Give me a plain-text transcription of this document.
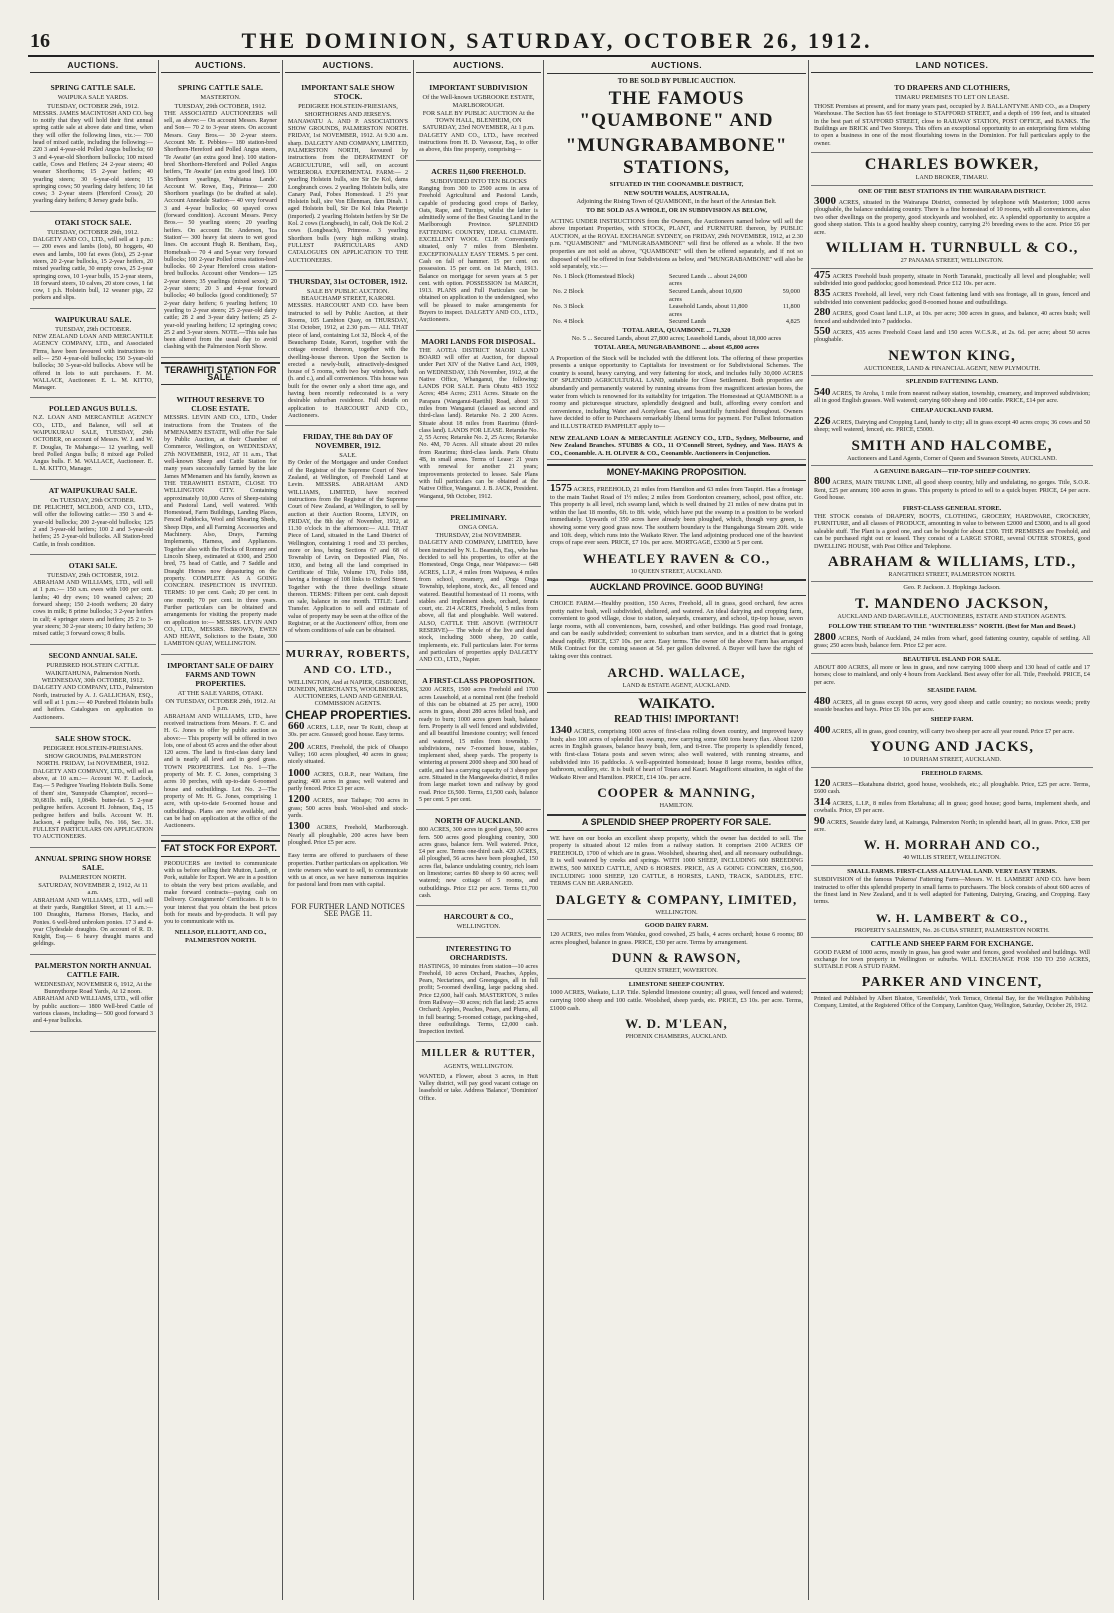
16	THE DOMINION, SATURDAY, OCTOBER 26, 1912.
AUCTIONS.
SPRING CATTLE SALE.
WAIPUKA SALE YARDS.
TUESDAY, OCTOBER 29th, 1912.
MESSRS. JAMES MACINTOSH AND CO. beg to notify that they will hold their first annual spring cattle sale at above date and time, when they will offer the following lines, viz.:— 700 head of mixed cattle, including the following:— 220 3 and 4-year-old Polled Angus bullocks; 60 3 and 4-year-old Shorthorn bullocks; 100 mixed cattle, Cows and Heifers; 24 2-year steers; 40 weaner Shorthorns; 15 2-year heifers; 40 yearling steers; 30 6-year-old steers; 15 springing cows; 50 yearling dairy heifers; 10 fat cows; 3 2-year steers (Hereford Cross); 20 yearling dairy heifers; 8 Jersey grade bulls.
OTAKI STOCK SALE.
TUESDAY, OCTOBER 29th, 1912.
DALGETY AND CO., LTD., will sell at 1 p.m.:— 200 ewes and lambs (lots), 80 hoggets, 40 ewes and lambs, 100 fat ewes (lots), 25 2-year steers, 20 2-year bullocks, 15 2-year heifers, 20 mixed yearling cattle, 30 empty cows, 25 2-year springing cows, 10 1-year bulls, 15 2-year steers, 18 forward steers, 10 calves, 20 store cows, 1 fat cow, 1 p.h. Holstein bull, 12 weaner pigs, 22 porkers and slips.
WAIPUKURAU SALE.
TUESDAY, 29th OCTOBER.
NEW ZEALAND LOAN AND MERCANTILE AGENCY COMPANY, LTD., and Associated Firms, have been favoured with instructions to sell:— 250 4-year-old bullocks; 150 3-year-old bullocks; 30 3-year-old bullocks. Above will be offered in lots to suit purchasers. F. M. WALLACE, Auctioneer. E. L. M. KITTO, Manager.
POLLED ANGUS BULLS.
N.Z. LOAN AND MERCANTILE AGENCY CO., LTD., and Balance, will sell at WAIPUKURAU SALE, TUESDAY, 29th OCTOBER, on account of Messrs. W. J. and W. F. Douglas, Te Mahanga:— 12 yearling, well bred Polled Angus bulls; 8 mixed age Polled Angus bulls. F. M. WALLACE, Auctioneer. E. L. M. KITTO, Manager.
AT WAIPUKURAU SALE.
On TUESDAY, 29th OCTOBER.
DE PELICHET, MCLEOD, AND CO., LTD., will offer the following cattle:— 350 3 and 4-year-old bullocks; 200 2-year-old bullocks; 125 2 and 3-year-old heifers; 100 2 and 3-year-old heifers; 25 2-year-old bullocks. All Station-bred Cattle, in fresh condition.
OTAKI SALE.
TUESDAY, 29th OCTOBER, 1912.
ABRAHAM AND WILLIAMS, LTD., will sell at 1 p.m.:— 150 s.m. ewes with 100 per cent. lambs; 40 dry ewes; 10 weaned calves; 20 forward sheep; 150 2-tooth wethers; 20 dairy cows in milk; 8 prime bullocks; 3 2-year heifers in calf; 4 springer steers and heifers; 25 2 to 3-year steers; 30 2-year steers; 10 dairy heifers; 30 mixed cattle; 3 forward cows; 8 bulls.
SECOND ANNUAL SALE.
PUREBRED HOLSTEIN CATTLE.
WAIKITAHUNA, Palmerston North. WEDNESDAY, 30th OCTOBER, 1912.
DALGETY AND COMPANY, LTD., Palmerston North, instructed by A. J. GALLICHAN, ESQ., will sell at 1 p.m.:— 40 Purebred Holstein bulls and heifers. Catalogues on application to Auctioneers.
SALE SHOW STOCK.
PEDIGREE HOLSTEIN-FRIESIANS.
SHOW GROUNDS, PALMERSTON NORTH. FRIDAY, 1st NOVEMBER, 1912.
DALGETY AND COMPANY, LTD., will sell as above, at 10 a.m.:— Account W. F. Lazlock, Esq.— 5 Pedigree Yearling Holstein Bulls. Some of them' sire, 'Sunnyside Champion', record—30,681lb. milk, 1,084lb. butter-fat. 5 2-year pedigree heifers. Account H. Johnson, Esq., 15 pedigree heifers and bulls. Account W. H. Jackson, 4 pedigree bulls, No. 166, Sec. 31. FULLEST PARTICULARS ON APPLICATION TO AUCTIONEERS.
ANNUAL SPRING SHOW HORSE SALE.
PALMERSTON NORTH.
SATURDAY, NOVEMBER 2, 1912, At 11 a.m.
ABRAHAM AND WILLIAMS, LTD., will sell at their yards, Rangitikei Street, at 11 a.m.:— 100 Draughts, Harness Horses, Hacks, and Ponies. 6 well-bred unbroken ponies. 17 3 and 4-year Clydesdale draughts. On account of R. D. Knight, Esq.— 6 heavy draught mares and geldings.
PALMERSTON NORTH ANNUAL CATTLE FAIR.
WEDNESDAY, NOVEMBER 6, 1912, At the Bunnythorpe Road Yards, At 12 noon.
ABRAHAM AND WILLIAMS, LTD., will offer by public auction:— 1800 Well-bred Cattle of various classes, including— 500 good forward 3 and 4-year bullocks.
AUCTIONS.
SPRING CATTLE SALE.
MASTERTON.
TUESDAY, 29th OCTOBER, 1912.
THE ASSOCIATED AUCTIONEERS will sell, as above:— On account Messrs. Rayner and Son— 70 2 to 3-year steers. On account Messrs. Gray Bros.— 30 2-year steers. Account Mr. E. Pebbies— 180 station-bred Shorthorn-Hereford and Polled Angus steers, 'Te Awaite' (an extra good line). 100 station-bred Shorthorn-Hereford and Polled Angus heifers, 'Te Awaite' (an extra good line). 100 Shorthorn yearlings, 'Pahiatua Lands'. Account W. Rowe, Esq., Pirinoa— 200 Shorthorn yearlings (to be drafted at sale). Account Annedale Station— 40 very forward 3 and 4-year bullocks; 60 spayed cows (forward condition). Account Messrs. Percy Bros.— 50 yearling steers; 20 yearling heifers. On account Dr. Anderson, 'Ica Station'— 300 heavy fat steers to wet good lines. On account Hugh R. Bentham, Esq., Homebush— 70 4 and 5-year very forward bullocks; 100 2-year Polled cross station-bred bullocks. 60 2-year Hereford cross station-bred bullocks. Account other Vendors— 125 2-year steers; 35 yearlings (mixed sexes); 20 2-year steers; 20 3 and 4-year forward bullocks; 40 bullocks (good conditioned); 57 2-year dairy heifers; 6 yearling heifers; 10 yearling to 2-year steers; 25 2-year-old dairy cattle; 28 2 and 3-year dairy heifers; 25 2-year-old yearling heifers; 12 springing cows; 25 2 and 3-year steers. NOTE.—This sale has been altered from the usual day to avoid clashing with the Palmerston North Show.
TERAWHITI STATION FOR SALE.
WITHOUT RESERVE TO CLOSE ESTATE.
MESSRS. LEVIN AND CO., LTD., Under instructions from the Trustees of the M'MENAMEN ESTATE, Will offer For Sale by Public Auction, at their Chamber of Commerce, Wellington, on WEDNESDAY, 27th NOVEMBER, 1912, AT 11 a.m., That well-known Sheep and Cattle Station for many years successfully farmed by the late James M'Menamen and his family, known as THE TERAWHITI ESTATE, CLOSE TO WELLINGTON CITY. Containing approximately 10,000 Acres of Sheep-raising and Pastoral Land, well watered. With Homestead, Farm Buildings, Landing Places, Fenced Paddocks, Wool and Shearing Sheds, Sheep Dips, and all Farming Accessories and Machinery. Also, Drays, Farming Implements, Harness, and Appliances. Together also with the Flocks of Romney and Lincoln Sheep, estimated at 6300, and 2500 bred, 75 head of Cattle, and 7 Saddle and Draught Horses now depasturing on the property. COMPLETE AS A GOING CONCERN. INSPECTION IS INVITED. TERMS: 10 per cent. Cash; 20 per cent. in one month; 70 per cent. in three years. Further particulars can be obtained and arrangements for visiting the property made on application to:— MESSRS. LEVIN AND CO., LTD., MESSRS. BROWN, EWEN AND HEAVE, Solicitors to the Estate, 300 LAMBTON QUAY, WELLINGTON.
IMPORTANT SALE OF DAIRY FARMS AND TOWN PROPERTIES.
AT THE SALE YARDS, OTAKI.
ON TUESDAY, OCTOBER 29th, 1912. At 1 p.m.
ABRAHAM AND WILLIAMS, LTD., have received instructions from Messrs. F. C. and H. G. Jones to offer by public auction as above:— This property will be offered in two lots, one of about 65 acres and the other about 120 acres. The land is first-class dairy land and is nearly all level and in good grass. TOWN PROPERTIES. Lot No. 1—The property of Mr. F. C. Jones, comprising 3 acres 10 perches, with up-to-date 6-roomed house and outbuildings. Lot No. 2—The property of Mr. H. G. Jones, comprising 1 acre, with up-to-date 6-roomed house and outbuildings. Plans are now available, and can be had on application at the office of the Auctioneers.
FAT STOCK FOR EXPORT.
PRODUCERS are invited to communicate with us before selling their Mutton, Lamb, or Pork, suitable for Export. We are in a position to obtain the very best prices available, and make forward contracts—paying cash on Delivery. Consignments' Certificates. It is to your interest that you obtain the best prices both for meats and by-products. It will pay you to communicate with us.
NELLSOP, ELLIOTT, AND CO., PALMERSTON NORTH.
AUCTIONS.
IMPORTANT SALE SHOW STOCK.
PEDIGREE HOLSTEIN-FRIESIANS, SHORTHORNS AND JERSEYS.
MANAWATU A. AND P. ASSOCIATION'S SHOW GROUNDS, PALMERSTON NORTH. FRIDAY, 1st NOVEMBER, 1912. At 9.30 a.m. sharp. DALGETY AND COMPANY, LIMITED, PALMERSTON NORTH, favoured by instructions from the DEPARTMENT OF AGRICULTURE, will sell, on account WERERORA EXPERIMENTAL FARM:— 2 yearling Holstein bulls, sire Sir De Kol, dams Longbranch cows. 2 yearling Holstein bulls, sire Canary Paul, Fobes Homestead. 1 2½ year Holstein bull, sire Von Ellenman, dam Dinah. 1 aged Holstein bull, Sir De Kol Inka Pietertje (imported). 2 yearling Holstein heifers by Sir De Kol. 2 cows (Longbeach), in calf, Ook De Kol. 2 cows (Longbeach), Primrose. 3 yearling Shorthorn bulls (very high milking strain). FULLEST PARTICULARS AND CATALOGUES ON APPLICATION TO THE AUCTIONEERS.
THURSDAY, 31st OCTOBER, 1912.
SALE BY PUBLIC AUCTION. BEAUCHAMP STREET, KARORI.
MESSRS. HARCOURT AND CO. have been instructed to sell by Public Auction, at their Rooms, 105 Lambton Quay, on THURSDAY, 31st October, 1912, at 2.30 p.m.— ALL THAT piece of land, containing Lot 32, Block 4, of the Beauchamp Estate, Karori, together with the cottage erected thereon, together with the dwelling-house thereon. Upon the Section is erected a newly-built, attractively-designed house of 5 rooms, with two bay windows, bath (h. and c.), and all conveniences. This house was built for the owner only a short time ago, and having been recently redecorated is a very desirable suburban residence. Full details on application to HARCOURT AND CO., Auctioneers.
FRIDAY, THE 8th DAY OF NOVEMBER, 1912.
SALE.
By Order of the Mortgagee and under Conduct of the Registrar of the Supreme Court of New Zealand, at Wellington, of Freehold Land at Levin. MESSRS. ABRAHAM AND WILLIAMS, LIMITED, have received instructions from the Registrar of the Supreme Court of New Zealand, at Wellington, to sell by auction at their Auction Rooms, LEVIN, on FRIDAY, the 8th day of November, 1912, at 11.30 o'clock in the afternoon:— ALL THAT Piece of Land, situated in the Land District of Wellington, containing 1 rood and 33 perches, more or less, being Sections 67 and 68 of Township of Levin, on Deposited Plan, No. 1830, and being all the land comprised in Certificate of Title, Volume 170, Folio 188, having a frontage of 108 links to Oxford Street. Together with the three dwellings situate thereon. TERMS: Fifteen per cent. cash deposit on sale, balance in one month. TITLE: Land Transfer. Application to sell and estimate of value of property may be seen at the office of the Registrar, or at the Auctioneers' office, from one of whom conditions of sale can be obtained.
MURRAY, ROBERTS, AND CO. LTD.,
WELLINGTON, And at NAPIER, GISBORNE, DUNEDIN, MERCHANTS, WOOLBROKERS, AUCTIONEERS, LAND AND GENERAL COMMISSION AGENTS.
CHEAP PROPERTIES.
660 ACRES, L.I.P., near Te Kuiti, cheap at 30s. per acre. Grassed; good house. Easy terms.
200 ACRES, Freehold, the pick of Ohaupo Valley; 160 acres ploughed, 40 acres in grass; nicely situated.
1000 ACRES, O.R.P., near Waitara, fine grazing; 400 acres in grass; well watered and partly fenced. Price £3 per acre.
1200 ACRES, near Taihape; 700 acres in grass; 500 acres bush. Wool-shed and stock-yards.
1300 ACRES, Freehold, Marlborough. Nearly all ploughable, 200 acres have been ploughed. Price £5 per acre.
Easy terms are offered to purchasers of these properties. Further particulars on application. We invite owners who want to sell, to communicate with us at once, as we have numerous inquiries for pastoral land from men with capital.
FOR FURTHER LAND NOTICES SEE PAGE 11.
AUCTIONS.
IMPORTANT SUBDIVISION
Of the Well-known UGBROOKE ESTATE, MARLBOROUGH.
FOR SALE BY PUBLIC AUCTION At the TOWN HALL, BLENHEIM, ON SATURDAY, 23rd NOVEMBER, At 1 p.m.
DALGETY AND CO., LTD., have received instructions from H. D. Vavasour, Esq., to offer as above, this fine property, comprising—
ACRES 11,600 FREEHOLD.
SUBDIVIDED INTO TEN BLOCKS
Ranging from 300 to 2500 acres in area of Freehold Agricultural and Pastoral Lands, capable of producing good crops of Barley, Oats, Rape, and Turnips, whilst the latter is admittedly some of the Best Grazing Land in the Marlborough Province. SPLENDID FATTENING COUNTRY, IDEAL CLIMATE. EXCELLENT WOOL CLIP. Conveniently situated, only 7 miles from Blenheim. EXCEPTIONALLY EASY TERMS. 5 per cent. Cash on fall of hammer. 15 per cent. on possession. 15 per cent. on 1st March, 1913. Balance on mortgage for seven years at 5 per cent. with option. POSSESSION 1st MARCH, 1913. PLANS and Full Particulars can be obtained on application to the undersigned, who will be pleased to make arrangements for Buyers to inspect. DALGETY AND CO., LTD., Auctioneers.
MAORI LANDS FOR DISPOSAL.
THE AOTEA DISTRICT MAORI LAND BOARD will offer at Auction, for disposal under Part XIV of the Native Land Act, 1909, on WEDNESDAY, 13th November, 1912, at the Native Office, Whanganui, the following: LANDS FOR SALE. Paris Ohutu 4B3 1932 Acres; 4B4 Acres; 2311 Acres. Situate on the Parapara (Wanganui-Raetihi) Road, about 33 miles from Wanganui (classed as second and third-class land). Retaruke No. 2 200 Acres. Situate about 18 miles from Raurimu (third-class land). LANDS FOR LEASE. Retaruke No. 2, 55 Acres; Retaruke No. 2, 25 Acres; Retaruke No. 4M, 70 Acres. All situate about 20 miles from Raurimu; third-class lands. Paris Ohutu 4B, in small areas. Terms of Lease: 21 years with renewal for another 21 years; improvements protected to lessee. Sale Plans with full particulars can be obtained at the Native Office, Wanganui. J. B. JACK, President. Wanganui, 9th October, 1912.
PRELIMINARY.
ONGA ONGA.
THURSDAY, 21st NOVEMBER.
DALGETY AND COMPANY, LIMITED, have been instructed by N. L. Beamish, Esq., who has decided to sell his properties, to offer at the Homestead, Onga Onga, near Waipawa:— 648 ACRES, L.I.P., 4 miles from Waipawa, 4 miles from school, creamery, and Onga Onga Township, telephone, stock, &c., all fenced and watered. Beautiful homestead of 11 rooms, with stables and implement sheds, orchard, tennis court, etc. 214 ACRES, Freehold, 5 miles from above, all flat and ploughable. Well watered. ALSO, CATTLE THE ABOVE (WITHOUT RESERVE)— The whole of the live and dead stock, including 3000 sheep, 20 cattle, implements, etc. Full particulars later. For terms and particulars of properties apply DALGETY AND CO., LTD., Napier.
A FIRST-CLASS PROPOSITION.
3200 ACRES, 1500 acres Freehold and 1700 acres Leasehold, at a nominal rent (the freehold of this can be obtained at 25 per acre), 1900 acres in grass, about 280 acres felled bush, and ready to burn; 1000 acres green bush, balance fern. Property is all well fenced and subdivided, and all beautiful limestone country; well fenced and watered, 15 miles from township. 7 subdivisions, new 7-roomed house, stables, implement shed, sheep yards. The property is wintering at present 2000 sheep and 300 head of cattle, and has a carrying capacity of 3 sheep per acre. Situated in the Mangaweka district, 8 miles from large market town and railway by good road. Price £6,500. Terms, £1,500 cash, balance 5 per cent. 5 per cent.
NORTH OF AUCKLAND.
800 ACRES, 300 acres in good grass, 500 acres fern. 500 acres good ploughing country, 300 acres grass, balance fern. Well watered. Price, £4 per acre. Terms one-third cash. 420 ACRES, all ploughed, 56 acres have been ploughed, 150 acres flat, balance undulating country, rich loam on limestone; carries 80 sheep to 60 acres; well watered; new cottage of 5 rooms, and outbuildings. Price £12 per acre. Terms £1,700 cash.
HARCOURT & CO.,
WELLINGTON.
INTERESTING TO ORCHARDISTS.
HASTINGS, 10 minutes from station—10 acres Freehold, 10 acres Orchard, Peaches, Apples, Pears, Nectarines, and Greengages, all in full profit; 5-roomed dwelling, large packing shed. Price £2,600, half cash. MASTERTON, 3 miles from Railway—30 acres; rich flat land; 25 acres Orchard; Apples, Peaches, Pears, and Plums, all in full bearing; 5-roomed cottage, packing-shed, three outbuildings. Terms, £2,000 cash. Inspection invited.
MILLER & RUTTER,
AGENTS, WELLINGTON.
WANTED, a Flower, about 3 acres, in Hutt Valley district, will pay good vacant cottage on leasehold or take. Address 'Balance', 'Dominion' Office.
AUCTIONS.
TO BE SOLD BY PUBLIC AUCTION.
THE FAMOUS "QUAMBONE" AND
"MUNGRABAMBONE" STATIONS,
SITUATED IN THE COONAMBLE DISTRICT,
NEW SOUTH WALES, AUSTRALIA,
Adjoining the Rising Town of QUAMBONE, in the heart of the Artesian Belt.
TO BE SOLD AS A WHOLE, OR IN SUBDIVISION AS BELOW,
ACTING UNDER INSTRUCTIONS from the Owners, the Auctioneers named below will sell the above important Properties, with STOCK, PLANT, and FURNITURE thereon, by PUBLIC AUCTION, at the ROYAL EXCHANGE SYDNEY, on FRIDAY, 29th NOVEMBER, 1912, at 2.30 p.m. "QUAMBONE" and "MUNGRABAMBONE" will first be offered as a whole. If the two properties are not sold as above, "QUAMBONE" will then be offered separately, and if not so disposed of will be offered in four Subdivisions as below, and "MUNGRABAMBONE" will also be sold separately, viz.:—
No. 1 Block (Homestead Block)	Secured Lands ... about 24,000 acres
No. 2 Block	Secured Lands, about 10,600 acres
59,000
No. 3 Block	Leasehold Lands, about 11,800 acres
11,800
No. 4 Block	Secured Lands	4,825
TOTAL AREA, QUAMBONE ... 71,320
No. 5 ... Secured Lands, about 27,800 acres; Leasehold Lands, about 18,000 acres
TOTAL AREA, MUNGRABAMBONE ... about 45,800 acres
A Proportion of the Stock will be included with the different lots. The offering of these properties presents a unique opportunity to Capitalists for investment or for Subdivisional Schemes. The country is sound, heavy carrying, and very fattening for stock, and includes fully 30,000 ACRES OF SPLENDID AGRICULTURAL LAND, suitable for Close Settlement. Both properties are abundantly and permanently watered by running streams from five magnificent artesian bores, the water from which is renowned for its suitability for irrigation. The Homestead at QUAMBONE is a roomy and picturesque structure, splendidly designed and built, affording every comfort and convenience, including Water and Acetylene Gas, and beautifully furnished throughout. Owners have decided to offer to Purchasers remarkably liberal terms for payment. For Fullest Information and ILLUSTRATED PAMPHLET apply to—
NEW ZEALAND LOAN & MERCANTILE AGENCY CO., LTD., Sydney, Melbourne, and New Zealand Branches. STUBBS & CO., 11 O'Connell Street, Sydney, and Yass. HAYS & CO., Coonamble. A. H. OLIVER & CO., Coonamble. Auctioneers in Conjunction.
MONEY-MAKING PROPOSITION.
1575 ACRES, FREEHOLD, 21 miles from Hamilton and 63 miles from Taupiri. Has a frontage to the main Tauhei Road of 1½ miles; 2 miles from Gordonton creamery, school, post office, etc. This property is all level, rich swamp land, which is well drained by 21 miles of new drains put in within the last 18 months, 6ft. to 8ft. wide, which have put the swamp in a position to be worked immediately. Upwards of 350 acres have already been ploughed, which, though very green, is showing some very good grass now. The southern boundary is the Hungahunga Stream 20ft. wide and 10ft. deep, which runs into the Waikato River. The land adjoining produced one of the heaviest crops of rape ever seen. PRICE, £7 10s. per acre. MORTGAGE, £3300 at 5 per cent.
WHEATLEY RAVEN & CO.,
10 QUEEN STREET, AUCKLAND.
AUCKLAND PROVINCE. GOOD BUYING!
CHOICE FARM.—Healthy position, 150 Acres, Freehold, all in grass, good orchard, few acres pretty native bush, well subdivided, sheltered, and watered. An ideal dairying and cropping farm, convenient to good village, close to station, saleyards, creamery, and school, tip-top house, seven large rooms, with all conveniences, barn, cowshed, and other buildings. Has good road frontage, and can be easily subdivided; convenient to suburban tram service, and in a district that is going ahead rapidly. PRICE, £37 10s. per acre. Easy terms. The owner of the above Farm has arranged Milk Contract for the coming season at 5d. per gallon delivered. A Buyer will have the right of taking over this contract.
ARCHD. WALLACE,
LAND & ESTATE AGENT, AUCKLAND.
WAIKATO.
READ THIS! IMPORTANT!
1340 ACRES, comprising 1000 acres of first-class rolling down country, and improved heavy bush; also 100 acres of splendid flax swamp, now carrying some 600 tons heavy flax. About 1200 acres in English grasses, balance heavy bush, fern, and ti-tree. The property is splendidly fenced, with first-class Totara posts and seven wires; also well watered, with running streams, and subdivided into 16 paddocks. A well-appointed homestead; house 8 large rooms, besides office, bathroom, scullery, etc. It is built of heart of Totara and Kauri. Magnificent situation, in sight of the Waikato River and Hamilton. PRICE, £14 10s. per acre.
COOPER & MANNING,
HAMILTON.
A SPLENDID SHEEP PROPERTY FOR SALE.
WE have on our books an excellent sheep property, which the owner has decided to sell. The property is situated about 12 miles from a railway station. It comprises 2100 ACRES OF FREEHOLD, 1700 of which are in grass. Woolshed, shearing shed, and all necessary outbuildings. It is well watered by creeks and springs. WITH 1000 SHEEP, INCLUDING 600 BREEDING EWES, 500 MIXED CATTLE, AND 6 HORSES. PRICE, AS A GOING CONCERN, £16,500, INCLUDING 1000 SHEEP, 120 CATTLE, 8 HORSES, LAND, TRACK, SADDLES, ETC. TERMS CAN BE ARRANGED.
DALGETY & COMPANY, LIMITED,
WELLINGTON.
GOOD DAIRY FARM.
120 ACRES, two miles from Waiuku, good cowshed, 25 bails, 4 acres orchard; house 6 rooms; 80 acres ploughed, balance in grass. PRICE, £30 per acre. Terms by arrangement.
DUNN & RAWSON,
QUEEN STREET, WAVERTON.
LIMESTONE SHEEP COUNTRY.
1000 ACRES, Waikato, L.I.P. Title. Splendid limestone country; all grass, well fenced and watered; carrying 1000 sheep and 100 cattle. Woolshed, sheep yards, etc. PRICE, £3 10s. per acre. Terms, £1000 cash.
W. D. M'LEAN,
PHOENIX CHAMBERS, AUCKLAND.
LAND NOTICES.
TO DRAPERS AND CLOTHIERS,
TIMARU PREMISES TO LET ON LEASE.
THOSE Premises at present, and for many years past, occupied by J. BALLANTYNE AND CO., as a Drapery Warehouse. The Section has 65 feet frontage to STAFFORD STREET, and a depth of 199 feet, and is situated in the best part of STAFFORD STREET, close to RAILWAY STATION, POST OFFICE, and BANKS. The Buildings are BRICK and Two Storeys. This offers an exceptional opportunity to an enterprising firm wishing to open a business in one of the most flourishing towns in the Dominion. For full particulars apply to the owner.
CHARLES BOWKER,
LAND BROKER, TIMARU.
ONE OF THE BEST STATIONS IN THE WAIRARAPA DISTRICT.
3000 ACRES, situated in the Wairarapa District, connected by telephone with Masterton; 1000 acres ploughable, the balance undulating country. There is a fine homestead of 10 rooms, with all conveniences, also two other dwellings on the property, good stockyards and woolshed, etc. A splendid opportunity to acquire a good sheep station. This is a good healthy sheep country, carrying 2½ breeding ewes to the acre. Price £6 per acre.
WILLIAM H. TURNBULL & CO.,
27 PANAMA STREET, WELLINGTON.
475 ACRES Freehold bush property, situate in North Taranaki, practically all level and ploughable; well subdivided into good paddocks; good homestead. Price £12 10s. per acre.
835 ACRES Freehold, all level, very rich Coast fattening land with sea frontage, all in grass, fenced and subdivided into convenient paddocks; good 8-roomed house and outbuildings.
280 ACRES, good Coast land L.I.P., at 10s. per acre; 300 acres in grass, and balance, 40 acres bush; well fenced and subdivided into 7 paddocks.
550 ACRES, 435 acres Freehold Coast land and 150 acres W.C.S.R., at 2s. 6d. per acre; about 50 acres ploughable.
NEWTON KING,
AUCTIONEER, LAND & FINANCIAL AGENT, NEW PLYMOUTH.
SPLENDID FATTENING LAND.
540 ACRES, Te Aroha, 1 mile from nearest railway station, township, creamery, and improved subdivision; all in good English grasses. Well watered; carrying 600 sheep and 100 cattle. PRICE, £14 per acre.
CHEAP AUCKLAND FARM.
226 ACRES, Dairying and Cropping Land, handy to city; all in grass except 40 acres crops; 36 cows and 50 sheep; well watered, fenced, etc. PRICE, £5000.
SMITH AND HALCOMBE,
Auctioneers and Land Agents, Corner of Queen and Swanson Streets, AUCKLAND.
A GENUINE BARGAIN—TIP-TOP SHEEP COUNTRY.
800 ACRES, MAIN TRUNK LINE, all good sheep country, hilly and undulating, no gorges. Title, S.O.R. Rent, £25 per annum; 100 acres in grass. This property is priced to sell to a quick buyer. PRICE, £4 per acre. Good house.
FIRST-CLASS GENERAL STORE.
THE STOCK consists of DRAPERY, BOOTS, CLOTHING, GROCERY, HARDWARE, CROCKERY, FURNITURE, and all classes of PRODUCE, amounting in value to between £2000 and £3000, and is all good saleable stuff. The Plant is a good one, and can be bought for about £300. THE PREMISES are Freehold, and can be purchased right out or leased. They consist of a LARGE STORE, several OUTER STORES, good DWELLING HOUSE, with Post Office and Telephone.
ABRAHAM & WILLIAMS, LTD.,
RANGITIKEI STREET, PALMERSTON NORTH.
Geo. P. Jackson. J. Hopkings Jackson.
T. MANDENO JACKSON,
AUCKLAND AND DARGAVILLE, AUCTIONEERS, ESTATE AND STATION AGENTS.
FOLLOW THE STREAM TO THE "WINTERLESS" NORTH. (Best for Man and Beast.)
2800 ACRES, North of Auckland, 24 miles from wharf, good fattening country, capable of settling. All grass; 250 acres bush, balance fern. Price £2 per acre.
BEAUTIFUL ISLAND FOR SALE.
ABOUT 800 ACRES, all more or less in grass, and now carrying 1000 sheep and 130 head of cattle and 17 horses; close to mainland, and only 4 hours from Auckland. Best away offer for all. Title, Freehold. PRICE, £4 per acre.
SEASIDE FARM.
480 ACRES, all in grass except 60 acres, very good sheep and cattle country; no noxious weeds; pretty seaside beaches and bays. Price £6 10s. per acre.
SHEEP FARM.
400 ACRES, all in grass, good country, will carry two sheep per acre all year round. Price £7 per acre.
YOUNG AND JACKS,
10 DURHAM STREET, AUCKLAND.
FREEHOLD FARMS.
120 ACRES—Ekatahuna district, good house, woolsheds, etc.; all ploughable. Price, £25 per acre. Terms, £600 cash.
314 ACRES, L.I.P., 8 miles from Eketahuna; all in grass; good house; good barns, implement sheds, and cowbails. Price, £9 per acre.
90 ACRES, Seaside dairy land, at Kairanga, Palmerston North; in splendid heart, all in grass. Price, £38 per acre.
W. H. MORRAH AND CO.,
40 WILLIS STREET, WELLINGTON.
SMALL FARMS. FIRST-CLASS ALLUVIAL LAND. VERY EASY TERMS.
SUBDIVISION of the famous 'Pukeroa' Fattening Farm—Messrs. W. H. LAMBERT AND CO. have been instructed to offer this splendid property in small farms to purchasers. The block consists of about 600 acres of the finest land in New Zealand, and it is well adapted for Fattening, Dairying, Grazing, and Cropping. Easy terms.
W. H. LAMBERT & CO.,
PROPERTY SALESMEN, No. 26 CUBA STREET, PALMERSTON NORTH.
CATTLE AND SHEEP FARM FOR EXCHANGE.
GOOD FARM of 1000 acres, mostly in grass, has good water and fences, good woolshed and buildings. Will exchange for town property in Wellington or suburbs. WILL EXCHANGE FOR 150 TO 250 ACRES, SUITABLE FOR A STUD FARM.
PARKER AND VINCENT,
Printed and Published by Albert Bluston, 'Greenfields', York Terrace, Oriental Bay, for the Wellington Publishing Company, Limited, at the Registered Office of the Company, Lambton Quay, Wellington, Saturday, October 26, 1912.
